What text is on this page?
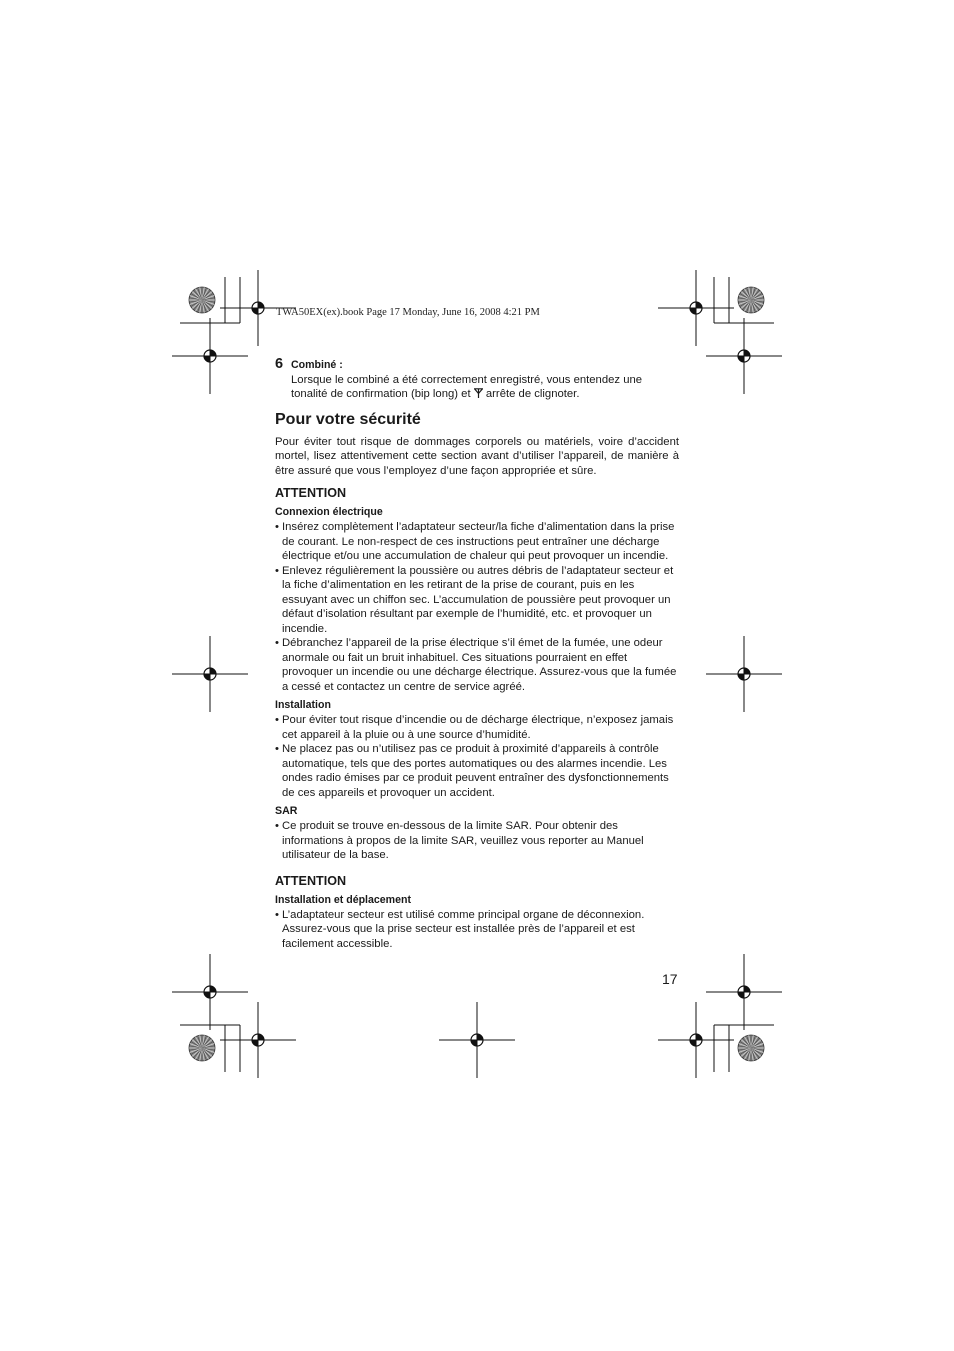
TWA50EX(ex).book Page 17 Monday, June 16, 2008 4:21 PM
6 Combiné :
Lorsque le combiné a été correctement enregistré, vous entendez une tonalité de confirmation (bip long) et  arrête de clignoter.
Pour votre sécurité

Pour éviter tout risque de dommages corporels ou matériels, voire d’accident mortel, lisez attentivement cette section avant d’utiliser l’appareil, de manière à être assuré que vous l’employez d’une façon appropriée et sûre.

ATTENTION
Connexion électrique
• Insérez complètement l’adaptateur secteur/la fiche d’alimentation dans la prise de courant. Le non-respect de ces instructions peut entraîner une décharge électrique et/ou une accumulation de chaleur qui peut provoquer un incendie.
• Enlevez régulièrement la poussière ou autres débris de l’adaptateur secteur et la fiche d’alimentation en les retirant de la prise de courant, puis en les essuyant avec un chiffon sec. L’accumulation de poussière peut provoquer un défaut d’isolation résultant par exemple de l’humidité, etc. et provoquer un incendie.
• Débranchez l’appareil de la prise électrique s’il émet de la fumée, une odeur anormale ou fait un bruit inhabituel. Ces situations pourraient en effet provoquer un incendie ou une décharge électrique. Assurez-vous que la fumée a cessé et contactez un centre de service agréé.
Installation
• Pour éviter tout risque d’incendie ou de décharge électrique, n’exposez jamais cet appareil à la pluie ou à une source d’humidité.
• Ne placez pas ou n’utilisez pas ce produit à proximité d’appareils à contrôle automatique, tels que des portes automatiques ou des alarmes incendie. Les ondes radio émises par ce produit peuvent entraîner des dysfonctionnements de ces appareils et provoquer un accident.
SAR
• Ce produit se trouve en-dessous de la limite SAR. Pour obtenir des informations à propos de la limite SAR, veuillez vous reporter au Manuel utilisateur de la base.
ATTENTION
Installation et déplacement
• L’adaptateur secteur est utilisé comme principal organe de déconnexion. Assurez-vous que la prise secteur est installée près de l’appareil et est facilement accessible.
17
